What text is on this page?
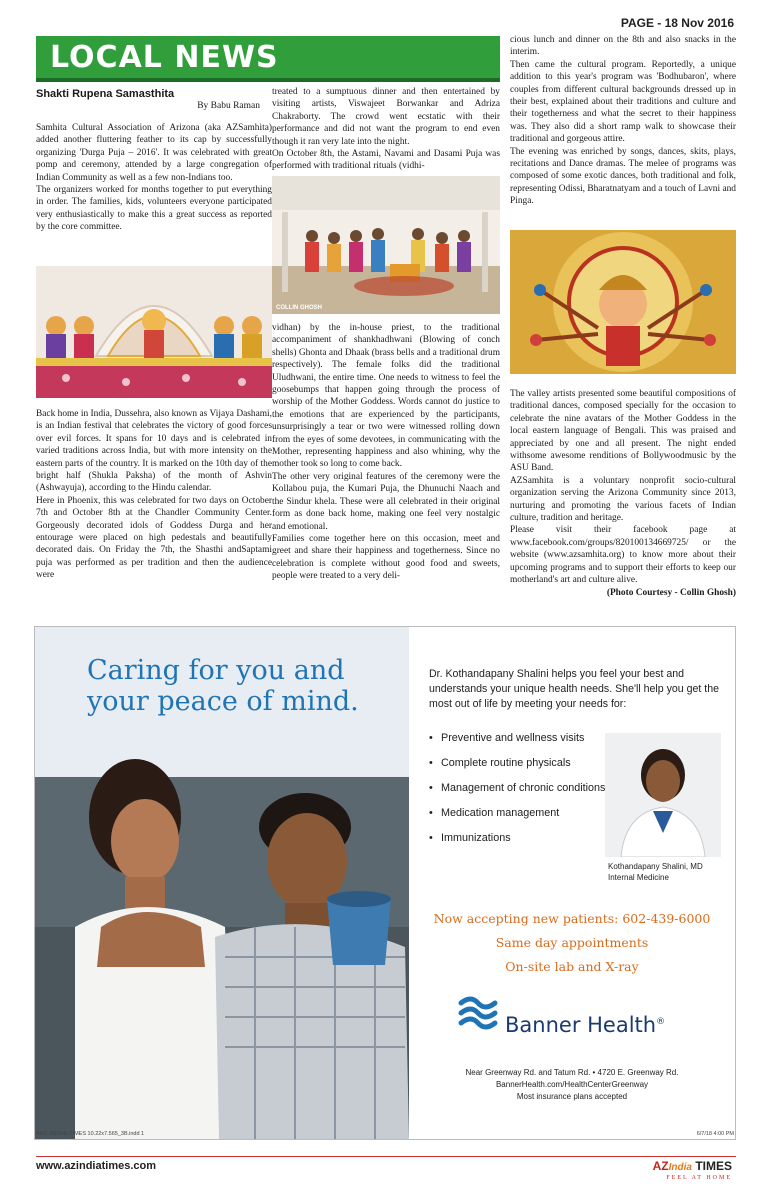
PAGE - 18 Nov 2016
LOCAL NEWS
Shakti Rupena Samasthita
By Babu Raman

Samhita Cultural Association of Arizona (aka AZSamhita) added another fluttering feather to its cap by successfully organizing 'Durga Puja – 2016'. It was celebrated with great pomp and ceremony, attended by a large congregation of Indian Community as well as a few non-Indians too.

The organizers worked for months together to put everything in order. The families, kids, volunteers everyone participated very enthusiastically to make this a great success as reported by the core committee.

Back home in India, Dussehra, also known as Vijaya Dashami, is an Indian festival that celebrates the victory of good forces over evil forces. It spans for 10 days and is celebrated in varied traditions across India, but with more intensity on the eastern parts of the country. It is marked on the 10th day of the bright half (Shukla Paksha) of the month of Ashvin (Ashwayuja), according to the Hindu calendar.

Here in Phoenix, this was celebrated for two days on October 7th and October 8th at the Chandler Community Center. Gorgeously decorated idols of Goddess Durga and her entourage were placed on high pedestals and beautifully decorated dais. On Friday the 7th, the Shasthi andSaptami puja was performed as per tradition and then the audience were

treated to a sumptuous dinner and then entertained by visiting artists, Viswajeet Borwankar and Adriza Chakraborty. The crowd went ecstatic with their performance and did not want the program to end even though it ran very late into the night.

On October 8th, the Astami, Navami and Dasami Puja was performed with traditional rituals (vidhi-

COLLIN GHOSH

vidhan) by the in-house priest, to the traditional accompaniment of shankhadhwani (Blowing of conch shells) Ghonta and Dhaak (brass bells and a traditional drum respectively). The female folks did the traditional Uludhwani, the entire time. One needs to witness to feel the goosebumps that happen going through the process of worship of the Mother Goddess. Words cannot do justice to the emotions that are experienced by the participants, unsurprisingly a tear or two were witnessed rolling down from the eyes of some devotees, in communicating with the Mother, representing happiness and also whining, why the mother took so long to come back.

The other very original features of the ceremony were the Kollabou puja, the Kumari Puja, the Dhunuchi Naach and the Sindur khela. These were all celebrated in their original form as done back home, making one feel very nostalgic and emotional.

Families come together here on this occasion, meet and greet and share their happiness and togetherness. Since no celebration is complete without good food and sweets, people were treated to a very deli-

cious lunch and dinner on the 8th and also snacks in the interim.

Then came the cultural program. Reportedly, a unique addition to this year's program was 'Bodhubaron', where couples from different cultural backgrounds dressed up in their best, explained about their traditions and culture and their togetherness and what the secret to their happiness was. They also did a short ramp walk to showcase their traditional and gorgeous attire.

The evening was enriched by songs, dances, skits, plays, recitations and Dance dramas. The melee of programs was composed of some exotic dances, both traditional and folk, representing Odissi, Bharatnatyam and a touch of Lavni and Pinga.

The valley artists presented some beautiful compositions of traditional dances, composed specially for the occasion to celebrate the nine avatars of the Mother Goddess in the local eastern language of Bengali. This was praised and appreciated by one and all present. The night ended withsome awesome renditions of Bollywoodmusic by the ASU Band.

AZSamhita is a voluntary nonprofit socio-cultural organization serving the Arizona Community since 2013, nurturing and promoting the various facets of Indian culture, tradition and heritage.

Please visit their facebook page at www.facebook.com/groups/820100134669725/ or the website (www.azsamhita.org) to know more about their upcoming programs and to support their efforts to keep our motherland's art and culture alive.

(Photo Courtesy - Collin Ghosh)

Caring for you and
your peace of mind.
Dr. Kothandapany Shalini helps you feel your best and understands your unique health needs. She'll help you get the most out of life by meeting your needs for:
• Preventive and wellness visits
• Complete routine physicals
• Management of chronic conditions
• Medication management
• Immunizations
Kothandapany Shalini, MD
Internal Medicine
Now accepting new patients: 602-439-6000
Same day appointments
On-site lab and X-ray
Banner Health®
Near Greenway Rd. and Tatum Rd. • 4720 E. Greenway Rd.
BannerHealth.com/HealthCenterGreenway
Most insurance plans accepted
BHC INDIAN TIMES 10.22x7.565_3B.indd 1	6/7/18 4:00 PM
www.azindiatimes.com	AZIndia TIMES
FEEL AT HOME
